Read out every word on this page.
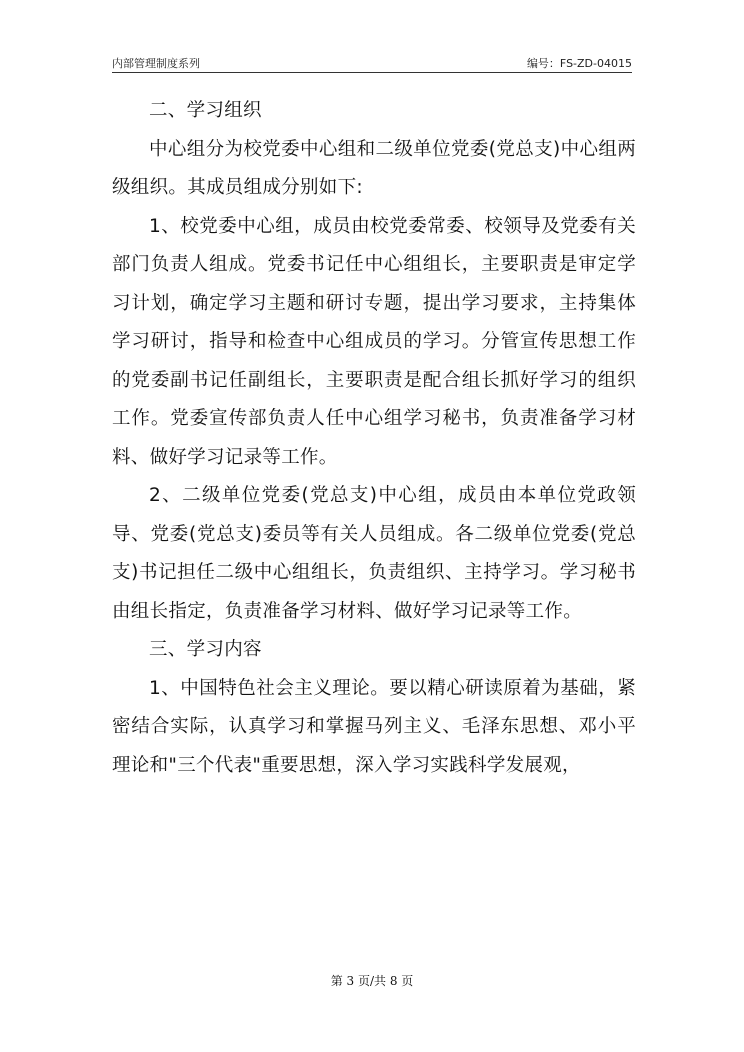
内部管理制度系列	编号：FS-ZD-04015

二、学习组织

中心组分为校党委中心组和二级单位党委(党总支)中心组两级组织。其成员组成分别如下:

1、校党委中心组，成员由校党委常委、校领导及党委有关部门负责人组成。党委书记任中心组组长，主要职责是审定学习计划，确定学习主题和研讨专题，提出学习要求，主持集体学习研讨，指导和检查中心组成员的学习。分管宣传思想工作的党委副书记任副组长，主要职责是配合组长抓好学习的组织工作。党委宣传部负责人任中心组学习秘书，负责准备学习材料、做好学习记录等工作。

2、二级单位党委(党总支)中心组，成员由本单位党政领导、党委(党总支)委员等有关人员组成。各二级单位党委(党总支)书记担任二级中心组组长，负责组织、主持学习。学习秘书由组长指定，负责准备学习材料、做好学习记录等工作。

三、学习内容

1、中国特色社会主义理论。要以精心研读原着为基础，紧密结合实际，认真学习和掌握马列主义、毛泽东思想、邓小平理论和"三个代表"重要思想，深入学习实践科学发展观，

第 3 页/共 8 页
